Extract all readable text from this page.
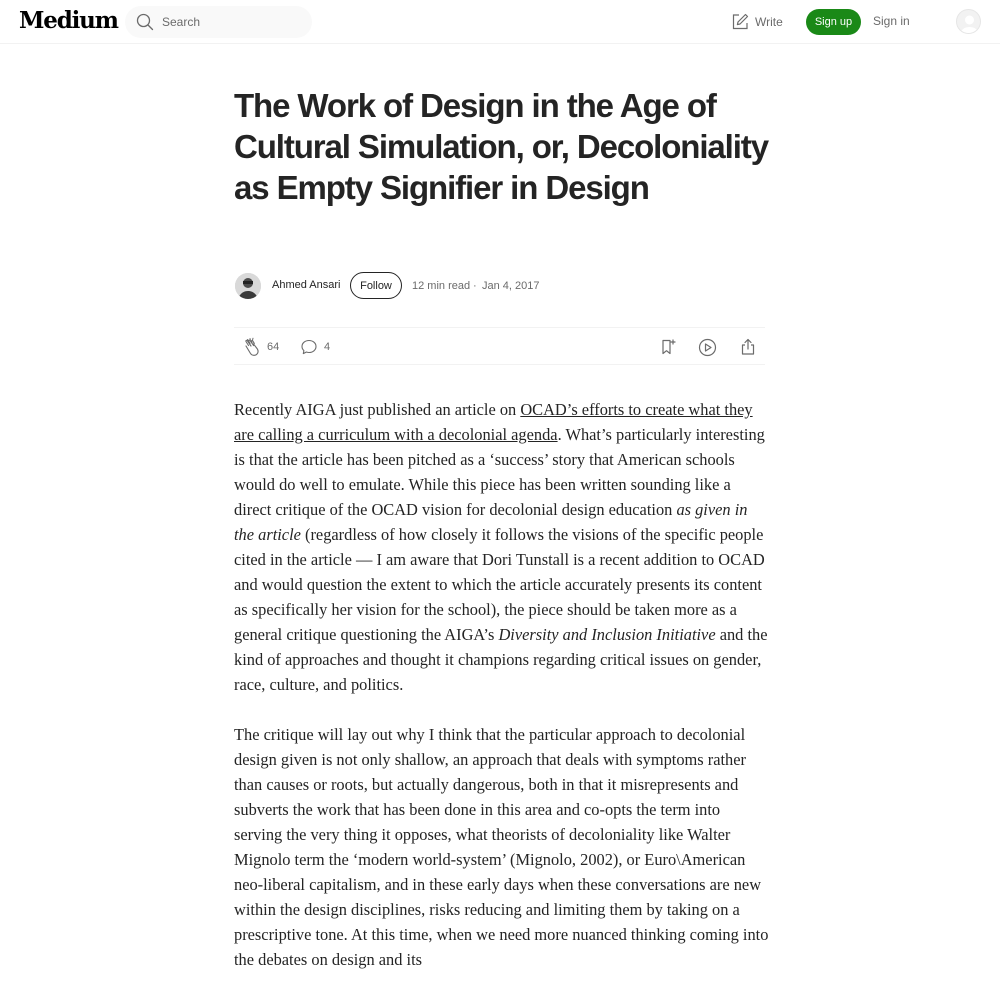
Medium
Search	Write	Sign up	Sign in
The Work of Design in the Age of Cultural Simulation, or, Decoloniality as Empty Signifier in Design
Ahmed Ansari	Follow	12 min read · Jan 4, 2017
64	4

Recently AIGA just published an article on OCAD’s efforts to create what they are calling a curriculum with a decolonial agenda. What’s particularly interesting is that the article has been pitched as a ‘success’ story that American schools would do well to emulate. While this piece has been written sounding like a direct critique of the OCAD vision for decolonial design education as given in the article (regardless of how closely it follows the visions of the specific people cited in the article — I am aware that Dori Tunstall is a recent addition to OCAD and would question the extent to which the article accurately presents its content as specifically her vision for the school), the piece should be taken more as a general critique questioning the AIGA’s Diversity and Inclusion Initiative and the kind of approaches and thought it champions regarding critical issues on gender, race, culture, and politics.

The critique will lay out why I think that the particular approach to decolonial design given is not only shallow, an approach that deals with symptoms rather than causes or roots, but actually dangerous, both in that it misrepresents and subverts the work that has been done in this area and co-opts the term into serving the very thing it opposes, what theorists of decoloniality like Walter Mignolo term the ‘modern world-system’ (Mignolo, 2002), or Euro\American neo-liberal capitalism, and in these early days when these conversations are new within the design disciplines, risks reducing and limiting them by taking on a prescriptive tone. At this time, when we need more nuanced thinking coming into the debates on design and its
